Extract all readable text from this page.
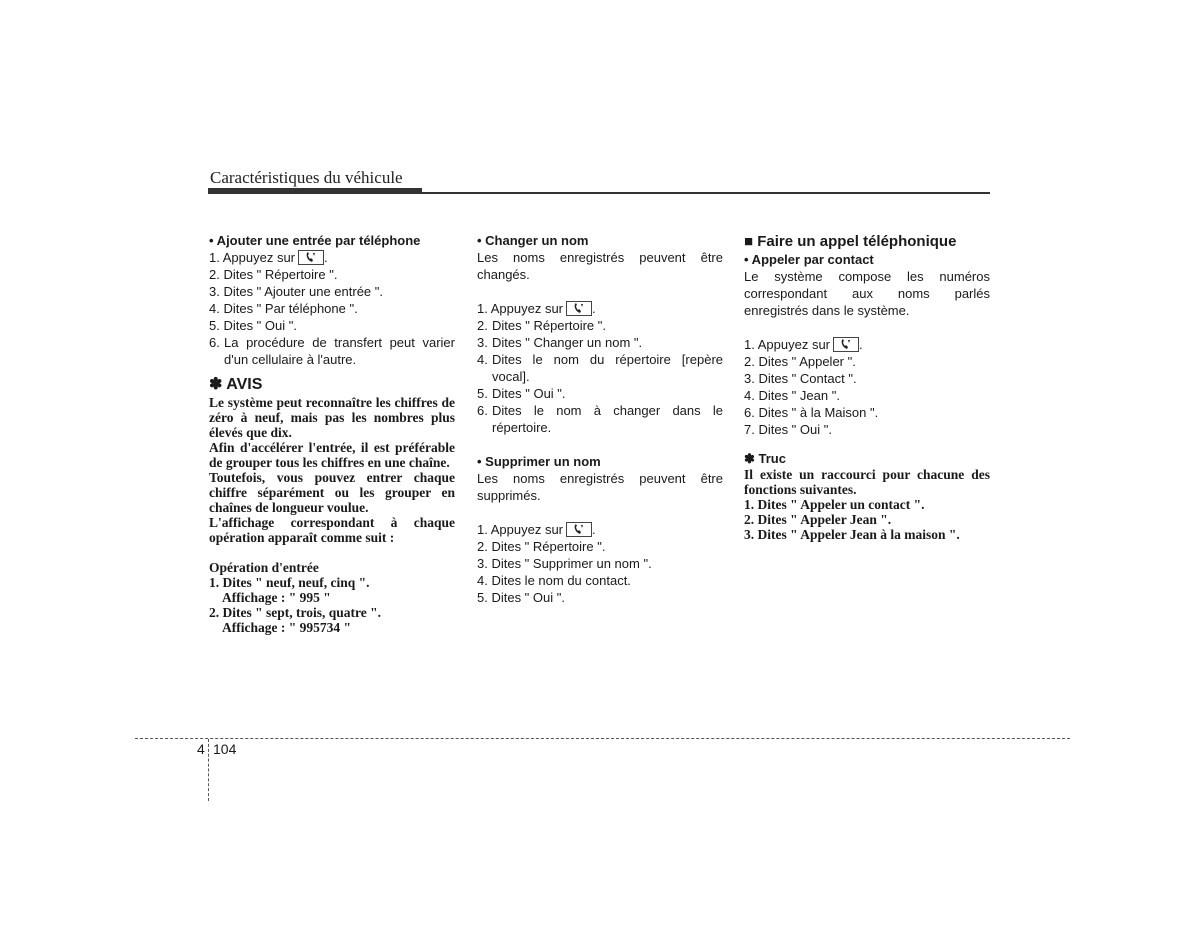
Caractéristiques du véhicule
• Ajouter une entrée par téléphone
1. Appuyez sur .
2. Dites " Répertoire ".
3. Dites " Ajouter une entrée ".
4. Dites " Par téléphone ".
5. Dites " Oui ".
6. La procédure de transfert peut varier d'un cellulaire à l'autre.
✽ AVIS
Le système peut reconnaître les chiffres de zéro à neuf, mais pas les nombres plus élevés que dix.
Afin d'accélérer l'entrée, il est préférable de grouper tous les chiffres en une chaîne.
Toutefois, vous pouvez entrer chaque chiffre séparément ou les grouper en chaînes de longueur voulue.
L'affichage correspondant à chaque opération apparaît comme suit :
Opération d'entrée
1. Dites " neuf, neuf, cinq ".
Affichage : " 995 "
2. Dites " sept, trois, quatre ".
Affichage : " 995734 "
• Changer un nom
Les noms enregistrés peuvent être changés.
1. Appuyez sur .
2. Dites " Répertoire ".
3. Dites " Changer un nom ".
4. Dites le nom du répertoire [repère vocal].
5. Dites " Oui ".
6. Dites le nom à changer dans le répertoire.
• Supprimer un nom
Les noms enregistrés peuvent être supprimés.
1. Appuyez sur .
2. Dites " Répertoire ".
3. Dites " Supprimer un nom ".
4. Dites le nom du contact.
5. Dites " Oui ".
■ Faire un appel téléphonique
• Appeler par contact
Le système compose les numéros correspondant aux noms parlés enregistrés dans le système.
1. Appuyez sur .
2. Dites " Appeler ".
3. Dites " Contact ".
4. Dites " Jean ".
6. Dites " à la Maison ".
7. Dites " Oui ".
✽ Truc
Il existe un raccourci pour chacune des fonctions suivantes.
1. Dites " Appeler un contact ".
2. Dites " Appeler Jean ".
3. Dites " Appeler Jean à la maison ".
4 104
